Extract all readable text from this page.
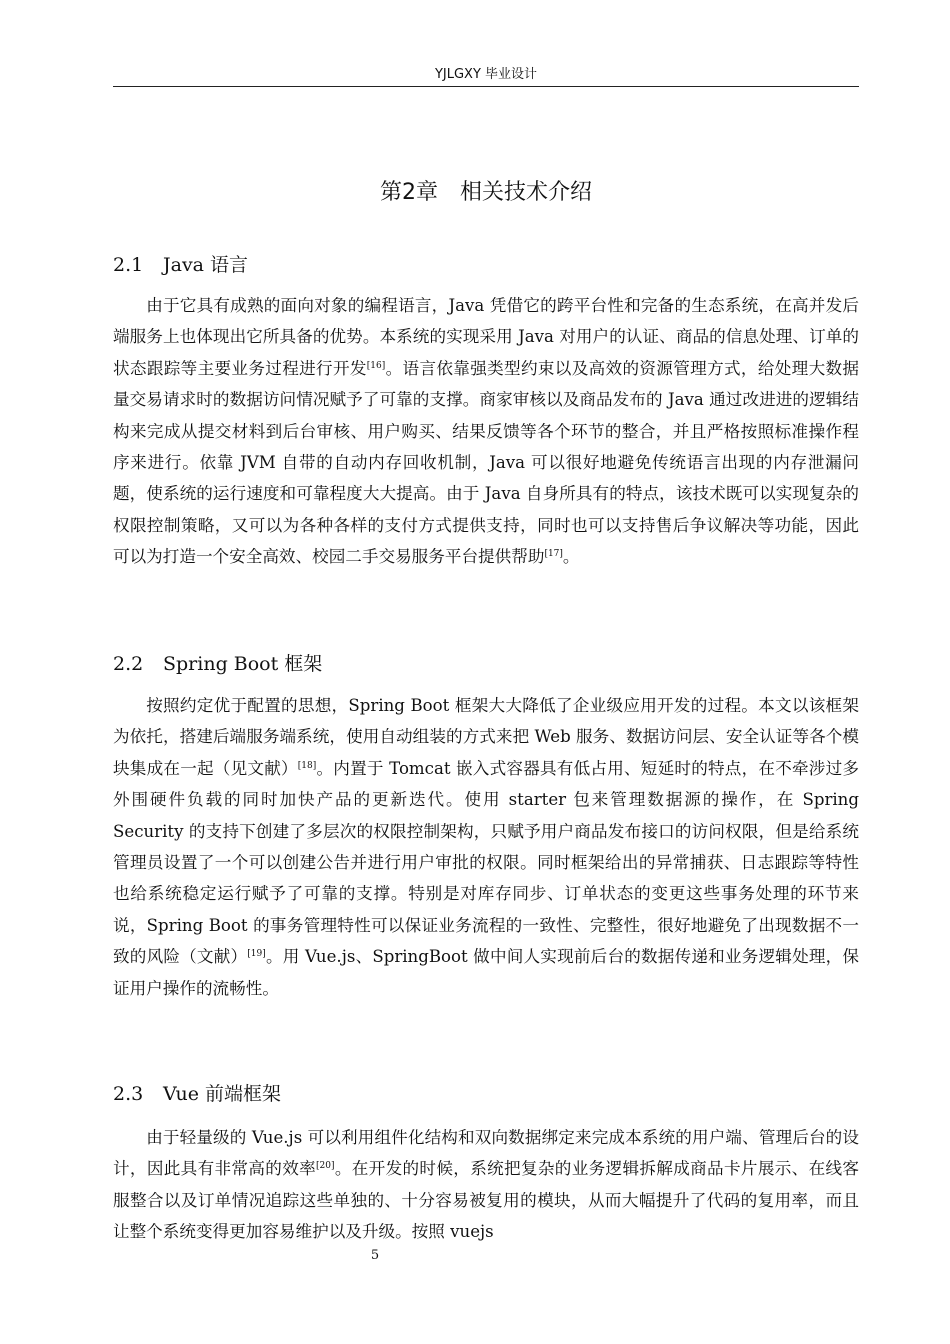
YJLGXY 毕业设计
第2章　相关技术介绍
2.1 Java 语言

由于它具有成熟的面向对象的编程语言，Java 凭借它的跨平台性和完备的生态系统，在高并发后端服务上也体现出它所具备的优势。本系统的实现采用 Java 对用户的认证、商品的信息处理、订单的状态跟踪等主要业务过程进行开发[16]。语言依靠强类型约束以及高效的资源管理方式，给处理大数据量交易请求时的数据访问情况赋予了可靠的支撑。商家审核以及商品发布的 Java 通过改进进的逻辑结构来完成从提交材料到后台审核、用户购买、结果反馈等各个环节的整合，并且严格按照标准操作程序来进行。依靠 JVM 自带的自动内存回收机制，Java 可以很好地避免传统语言出现的内存泄漏问题，使系统的运行速度和可靠程度大大提高。由于 Java 自身所具有的特点，该技术既可以实现复杂的权限控制策略，又可以为各种各样的支付方式提供支持，同时也可以支持售后争议解决等功能，因此可以为打造一个安全高效、校园二手交易服务平台提供帮助[17]。

2.2 Spring Boot 框架

按照约定优于配置的思想，Spring Boot 框架大大降低了企业级应用开发的过程。本文以该框架为依托，搭建后端服务端系统，使用自动组装的方式来把 Web 服务、数据访问层、安全认证等各个模块集成在一起（见文献）[18]。内置于 Tomcat 嵌入式容器具有低占用、短延时的特点，在不牵涉过多外围硬件负载的同时加快产品的更新迭代。使用 starter 包来管理数据源的操作，在 Spring Security 的支持下创建了多层次的权限控制架构，只赋予用户商品发布接口的访问权限，但是给系统管理员设置了一个可以创建公告并进行用户审批的权限。同时框架给出的异常捕获、日志跟踪等特性也给系统稳定运行赋予了可靠的支撑。特别是对库存同步、订单状态的变更这些事务处理的环节来说，Spring Boot 的事务管理特性可以保证业务流程的一致性、完整性，很好地避免了出现数据不一致的风险（文献）[19]。用 Vue.js、SpringBoot 做中间人实现前后台的数据传递和业务逻辑处理，保证用户操作的流畅性。

2.3 Vue 前端框架

由于轻量级的 Vue.js 可以利用组件化结构和双向数据绑定来完成本系统的用户端、管理后台的设计，因此具有非常高的效率[20]。在开发的时候，系统把复杂的业务逻辑拆解成商品卡片展示、在线客服整合以及订单情况追踪这些单独的、十分容易被复用的模块，从而大幅提升了代码的复用率，而且让整个系统变得更加容易维护以及升级。按照 vuejs

5
